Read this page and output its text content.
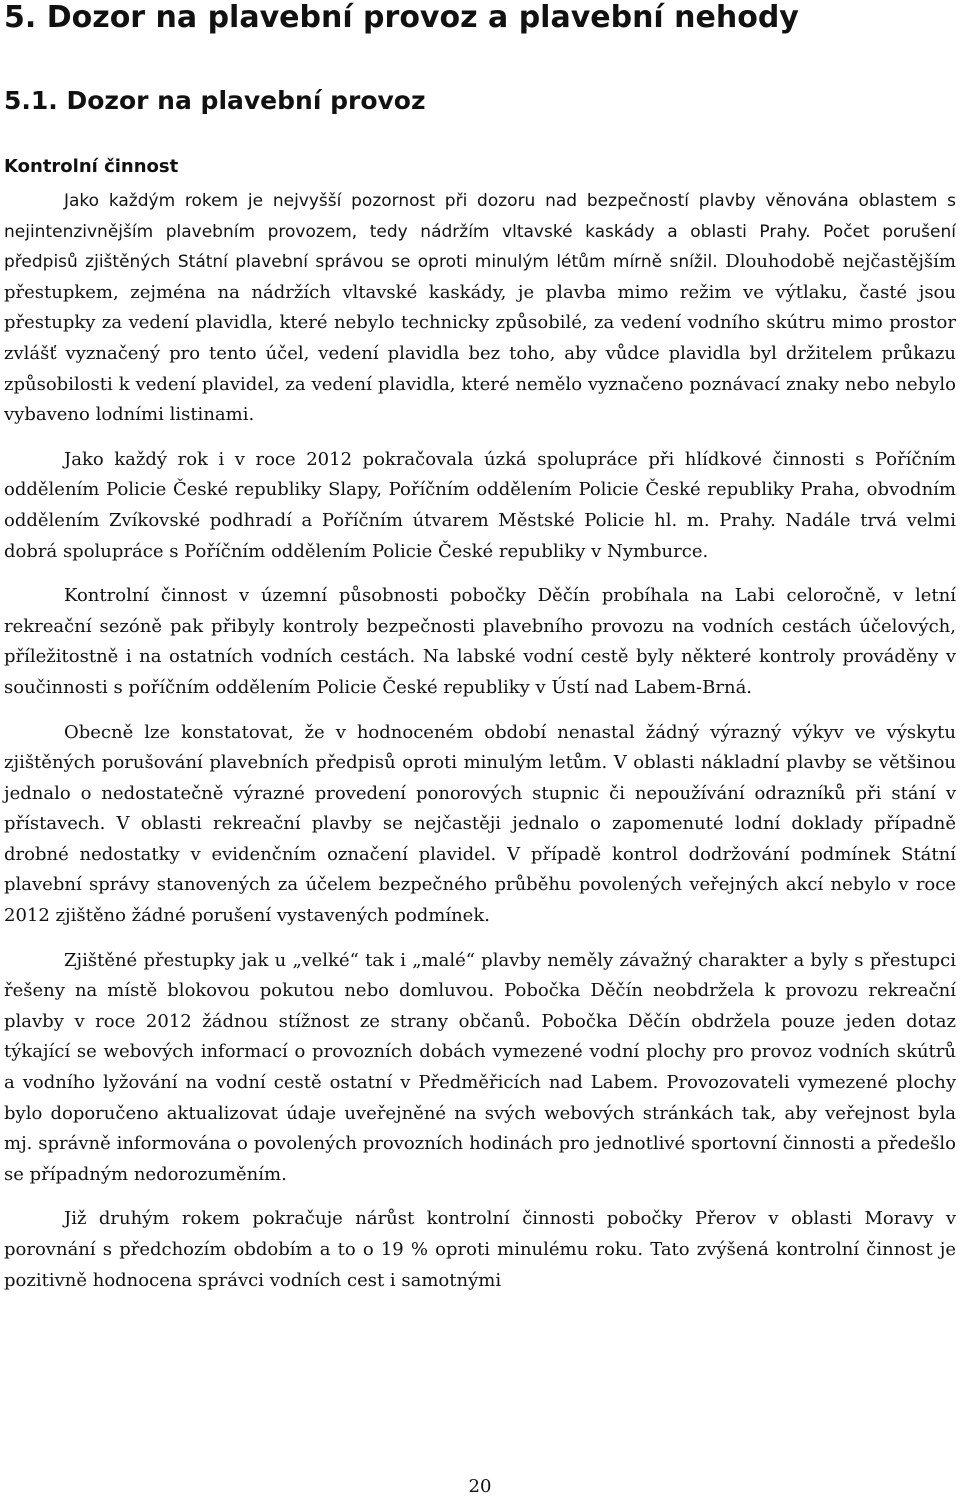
5. Dozor na plavební provoz a plavební nehody
5.1. Dozor na plavební provoz
Kontrolní činnost

Jako každým rokem je nejvyšší pozornost při dozoru nad bezpečností plavby věnována oblastem s nejintenzivnějším plavebním provozem, tedy nádržím vltavské kaskády a oblasti Prahy. Počet porušení předpisů zjištěných Státní plavební správou se oproti minulým létům mírně snížil. Dlouhodobě nejčastějším přestupkem, zejména na nádržích vltavské kaskády, je plavba mimo režim ve výtlaku, časté jsou přestupky za vedení plavidla, které nebylo technicky způsobilé, za vedení vodního skútru mimo prostor zvlášť vyznačený pro tento účel, vedení plavidla bez toho, aby vůdce plavidla byl držitelem průkazu způsobilosti k vedení plavidel, za vedení plavidla, které nemělo vyznačeno poznávací znaky nebo nebylo vybaveno lodními listinami.

Jako každý rok i v roce 2012 pokračovala úzká spolupráce při hlídkové činnosti s Poříčním oddělením Policie České republiky Slapy, Poříčním oddělením Policie České republiky Praha, obvodním oddělením Zvíkovské podhradí a Poříčním útvarem Městské Policie hl. m. Prahy. Nadále trvá velmi dobrá spolupráce s Poříčním oddělením Policie České republiky v Nymburce.

Kontrolní činnost v územní působnosti pobočky Děčín probíhala na Labi celoročně, v letní rekreační sezóně pak přibyly kontroly bezpečnosti plavebního provozu na vodních cestách účelových, příležitostně i na ostatních vodních cestách. Na labské vodní cestě byly některé kontroly prováděny v součinnosti s poříčním oddělením Policie České republiky v Ústí nad Labem-Brná.

Obecně lze konstatovat, že v hodnoceném období nenastal žádný výrazný výkyv ve výskytu zjištěných porušování plavebních předpisů oproti minulým letům. V oblasti nákladní plavby se většinou jednalo o nedostatečně výrazné provedení ponorových stupnic či nepoužívání odrazníků při stání v přístavech. V oblasti rekreační plavby se nejčastěji jednalo o zapomenuté lodní doklady případně drobné nedostatky v evidenčním označení plavidel. V případě kontrol dodržování podmínek Státní plavební správy stanovených za účelem bezpečného průběhu povolených veřejných akcí nebylo v roce 2012 zjištěno žádné porušení vystavených podmínek.

Zjištěné přestupky jak u „velké“ tak i „malé“ plavby neměly závažný charakter a byly s přestupci řešeny na místě blokovou pokutou nebo domluvou. Pobočka Děčín neobdržela k provozu rekreační plavby v roce 2012 žádnou stížnost ze strany občanů. Pobočka Děčín obdržela pouze jeden dotaz týkající se webových informací o provozních dobách vymezené vodní plochy pro provoz vodních skútrů a vodního lyžování na vodní cestě ostatní v Předměřicích nad Labem. Provozovateli vymezené plochy bylo doporučeno aktualizovat údaje uveřejněné na svých webových stránkách tak, aby veřejnost byla mj. správně informována o povolených provozních hodinách pro jednotlivé sportovní činnosti a předešlo se případným nedorozuměním.

Již druhým rokem pokračuje nárůst kontrolní činnosti pobočky Přerov v oblasti Moravy v porovnání s předchozím obdobím a to o 19 % oproti minulému roku. Tato zvýšená kontrolní činnost je pozitivně hodnocena správci vodních cest i samotnými

20
